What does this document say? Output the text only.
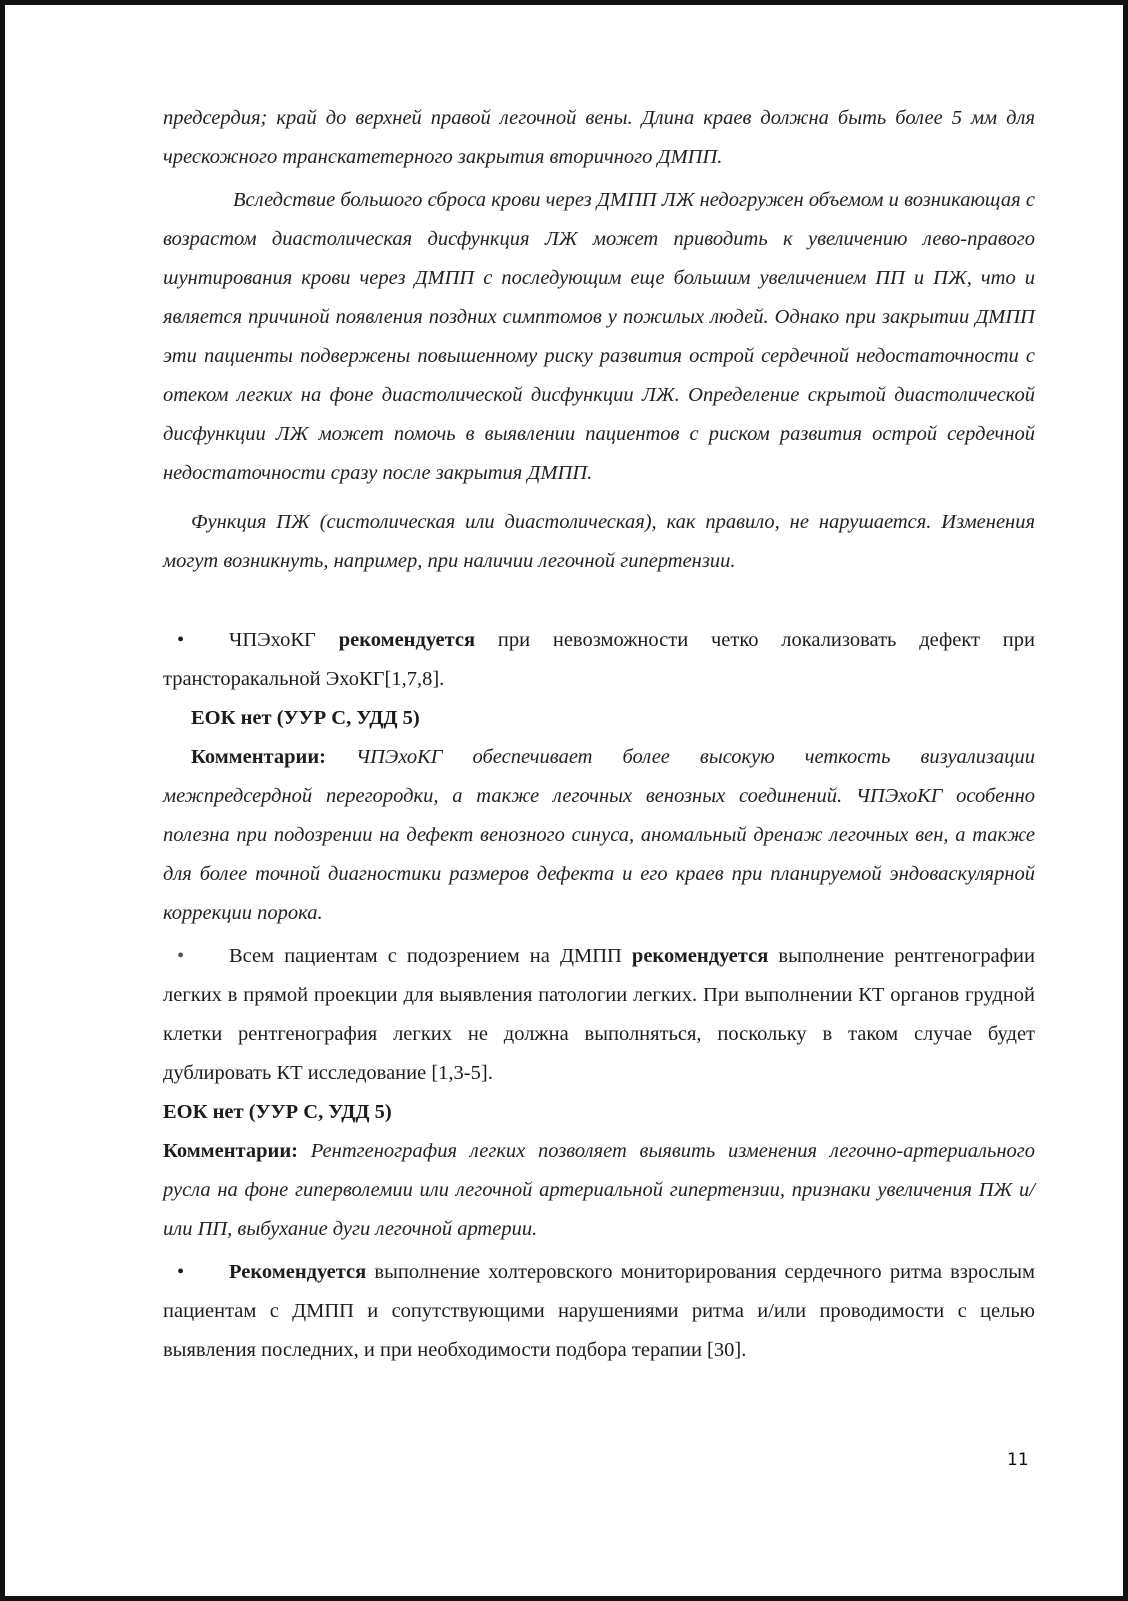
предсердия; край до верхней правой легочной вены. Длина краев должна быть более 5 мм для чрескожного транскатетерного закрытия вторичного ДМПП.

Вследствие большого сброса крови через ДМПП ЛЖ недогружен объемом и возникающая с возрастом диастолическая дисфункция ЛЖ может приводить к увеличению лево-правого шунтирования крови через ДМПП с последующим еще большим увеличением ПП и ПЖ, что и является причиной появления поздних симптомов у пожилых людей. Однако при закрытии ДМПП эти пациенты подвержены повышенному риску развития острой сердечной недостаточности с отеком легких на фоне диастолической дисфункции ЛЖ. Определение скрытой диастолической дисфункции ЛЖ может помочь в выявлении пациентов с риском развития острой сердечной недостаточности сразу после закрытия ДМПП.

Функция ПЖ (систолическая или диастолическая), как правило, не нарушается. Изменения могут возникнуть, например, при наличии легочной гипертензии.

• ЧПЭхоКГ рекомендуется при невозможности четко локализовать дефект при трансторакальной ЭхоКГ[1,7,8].

ЕОК нет (УУР C, УДД 5)

Комментарии: ЧПЭхоКГ обеспечивает более высокую четкость визуализации межпредсердной перегородки, а также легочных венозных соединений. ЧПЭхоКГ особенно полезна при подозрении на дефект венозного синуса, аномальный дренаж легочных вен, а также для более точной диагностики размеров дефекта и его краев при планируемой эндоваскулярной коррекции порока.

• Всем пациентам с подозрением на ДМПП рекомендуется выполнение рентгенографии легких в прямой проекции для выявления патологии легких. При выполнении КТ органов грудной клетки рентгенография легких не должна выполняться, поскольку в таком случае будет дублировать КТ исследование [1,3-5].

ЕОК нет (УУР C, УДД 5)

Комментарии: Рентгенография легких позволяет выявить изменения легочно-артериального русла на фоне гиперволемии или легочной артериальной гипертензии, признаки увеличения ПЖ и/или ПП, выбухание дуги легочной артерии.

• Рекомендуется выполнение холтеровского мониторирования сердечного ритма взрослым пациентам с ДМПП и сопутствующими нарушениями ритма и/или проводимости с целью выявления последних, и при необходимости подбора терапии [30].

11
